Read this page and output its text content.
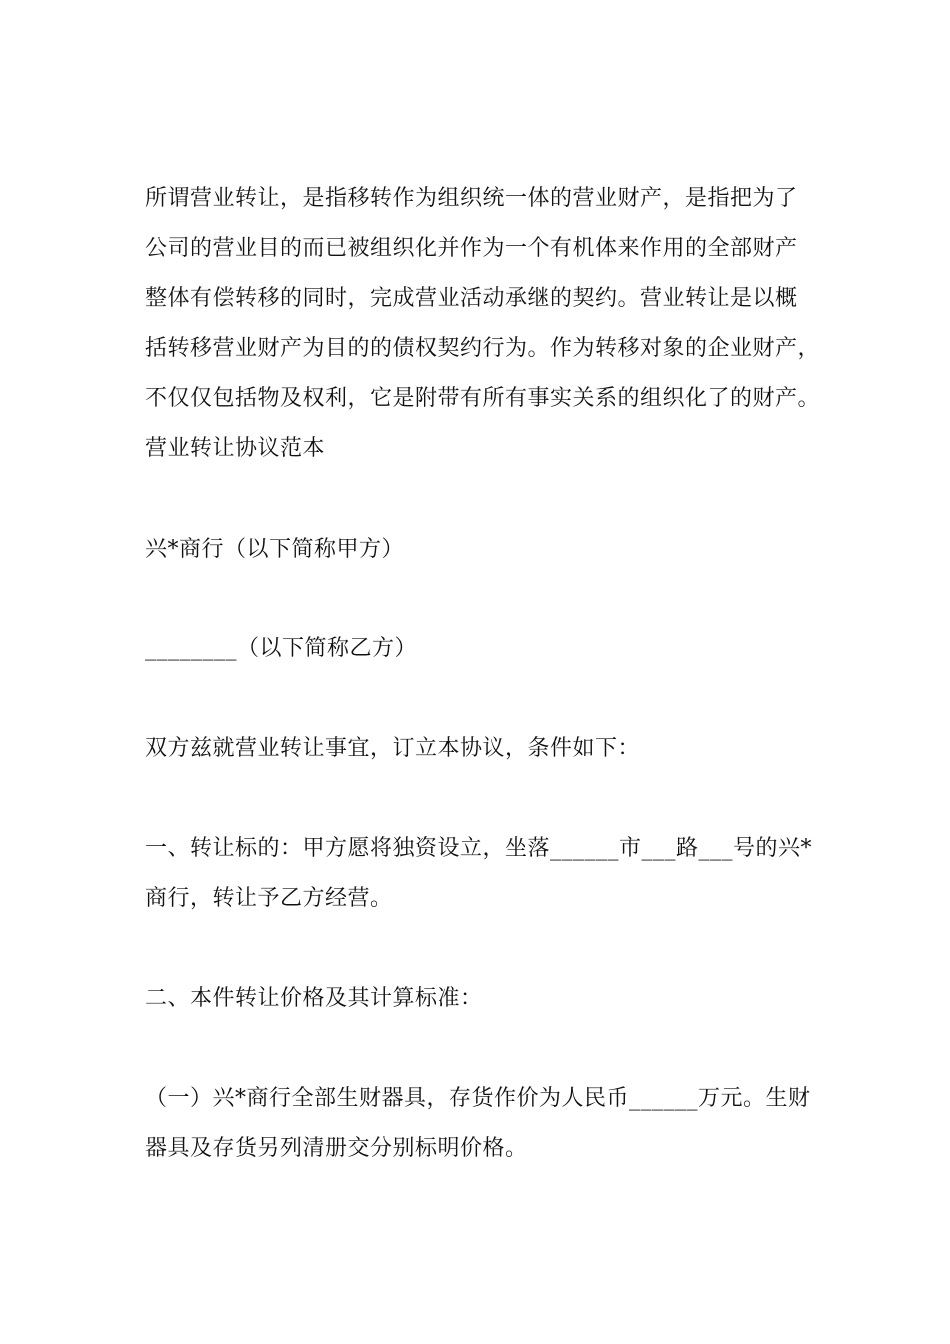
所谓营业转让，是指移转作为组织统一体的营业财产，是指把为了
公司的营业目的而已被组织化并作为一个有机体来作用的全部财产
整体有偿转移的同时，完成营业活动承继的契约。营业转让是以概
括转移营业财产为目的的债权契约行为。作为转移对象的企业财产，
不仅仅包括物及权利，它是附带有所有事实关系的组织化了的财产。
营业转让协议范本
兴*商行（以下简称甲方）
________（以下简称乙方）
双方兹就营业转让事宜，订立本协议，条件如下：
一、转让标的：甲方愿将独资设立，坐落______市___路___号的兴*
商行，转让予乙方经营。
二、本件转让价格及其计算标准：
（一）兴*商行全部生财器具，存货作价为人民币______万元。生财
器具及存货另列清册交分别标明价格。
